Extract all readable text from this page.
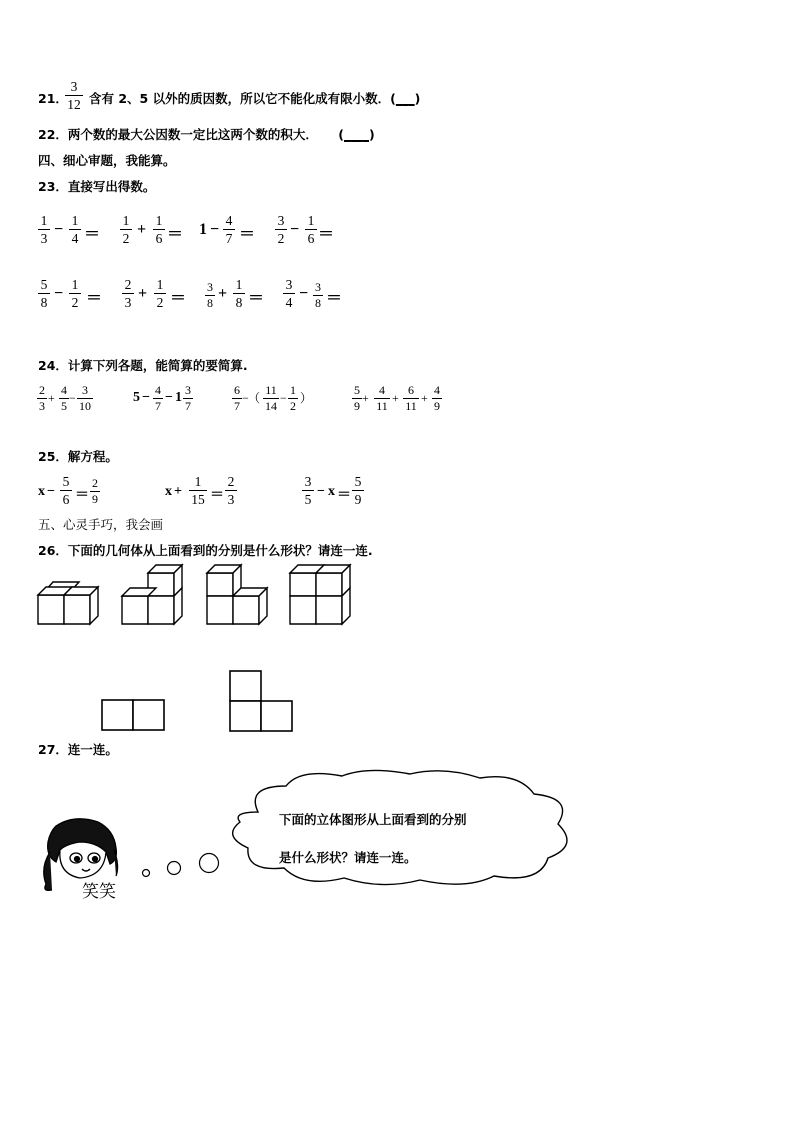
21．
3
12 含有 2、5 以外的质因数，所以它不能化成有限小数．(___)
22．两个数的最大公因数一定比这两个数的积大． (____)
四、细心审题，我能算。
23．直接写出得数。
1
3
−
1
4 ＝
1
2
+
1
6 ＝ 1 −
4
7 ＝
3
2
−
1
6 ＝
5
8
−
1
2 ＝
2
3
+
1
2 ＝
3
8
+
1
8 ＝
3
4
− 3
8 ＝
24．计算下列各题，能简算的要简算.
2
3
+
4
5
−
3
10
5 − 4
7
− 1 3
7
6
7
− （
11
14
−
1
2
）
5
9
+
4
11
+
6
11
+
4
9
25．解方程。
x −
5
6 ＝
2
9	x +
1
15 ＝
2
3
3
5
− x ＝
5
9
五、心灵手巧，我会画
26．下面的几何体从上面看到的分别是什么形状？请连一连.
27．连一连。
笑笑
下面的立体图形从上面看到的分别
是什么形状？请连一连。
